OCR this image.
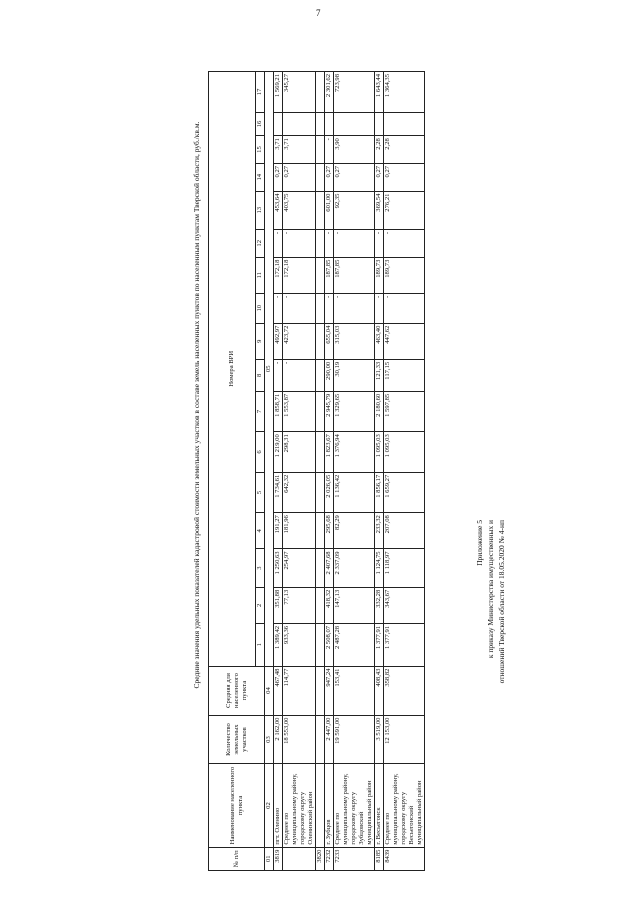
7
Приложение 5 к приказу Министерства имущественных и отношений Тверской области от 18.05.2020 № 4-нп
Средние значения удельных показателей кадастровой стоимости земельных участков в составе земель населенных пунктов по населенным пунктам Тверской области, руб./кв.м.
№ п/п	Наименование населенного пункта	Количество земельных участков	Средняя для населенного пункта	Номера ВРИ																
				1	2	3	4	5	6	7	8	9	10	11	12	13	14	15	16	17
01	02	03	04	05																
3819	пгт. Оленино	2 162,00	467,48	1 389,42	351,88	1 250,63	191,27	1 734,61	1 219,00	1 858,71	-	492,97	-	172,18	-	453,64	0,27	3,71		1 569,21
	Среднее по муниципальному району, городскому округу Оленинский район	18 553,00	114,77	933,36	77,13	254,97	181,96	642,32	298,31	1 553,87	-	423,72	-	172,18	-	403,75	0,27	3,71		345,27
3820																				
7232	г. Зубцов	2 447,00	947,24	2 508,07	418,32	2 407,68	295,68	2 026,05	1 823,67	2 945,79	290,00	655,04	-	187,85	-	601,00	0,27	-		2 301,62
7233	Среднее по муниципальному району, городскому округу Зубцовский муниципальный район	19 591,00	153,41	2 487,28	147,13	2 337,09	82,29	1 136,42	1 376,94	1 329,65	30,19	315,03	-	187,85	-	92,35	0,27	3,90		723,98
8185	г. Весьегонск	3 519,00	408,43	1 377,91	332,28	1 124,75	233,32	1 856,17	1 095,03	2 180,60	121,33	463,40	-	189,73	-	369,54	0,27	2,28		1 643,44
8439	Среднее по муниципальному району, городскому округу Весьегонский муниципальный район	12 153,00	358,82	1 377,91	343,67	1 118,97	207,08	1 659,27	1 095,03	1 597,85	117,15	447,62	-	189,73	-	276,21	0,27	2,28		1 364,35
